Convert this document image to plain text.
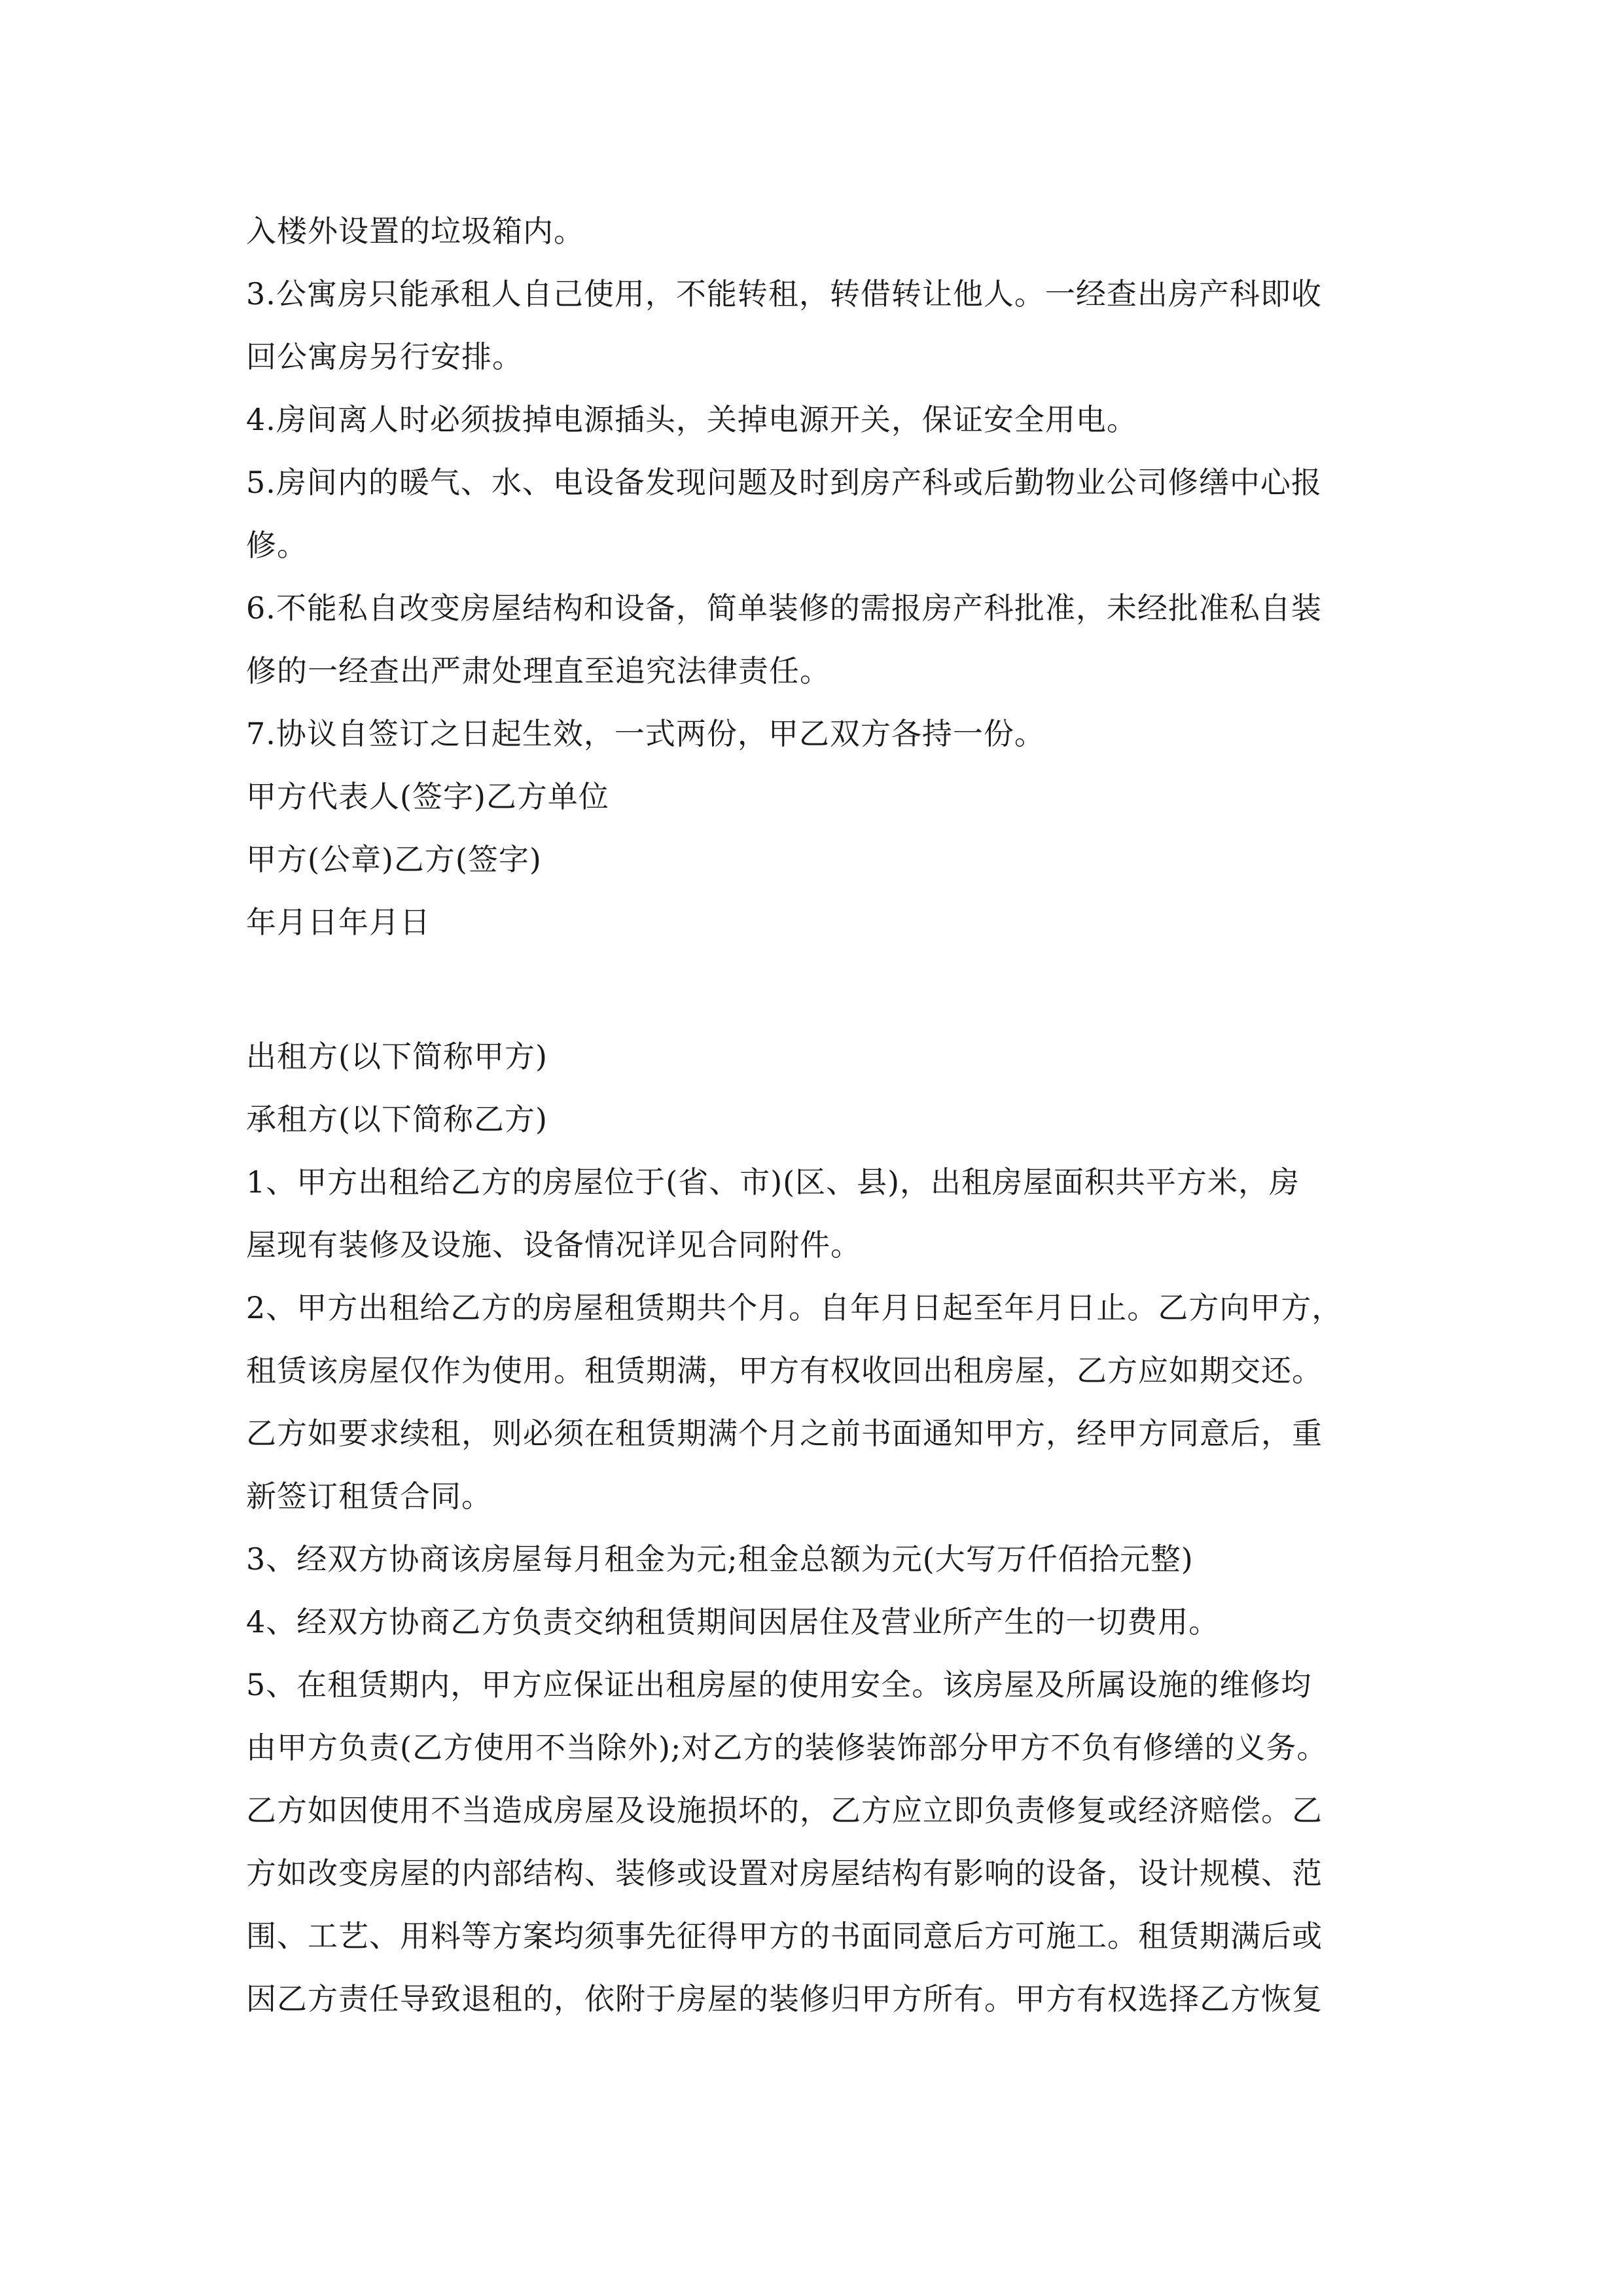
入楼外设置的垃圾箱内。
3.公寓房只能承租人自己使用，不能转租，转借转让他人。一经查出房产科即收
回公寓房另行安排。
4.房间离人时必须拔掉电源插头，关掉电源开关，保证安全用电。
5.房间内的暖气、水、电设备发现问题及时到房产科或后勤物业公司修缮中心报
修。
6.不能私自改变房屋结构和设备，简单装修的需报房产科批准，未经批准私自装
修的一经查出严肃处理直至追究法律责任。
7.协议自签订之日起生效，一式两份，甲乙双方各持一份。
甲方代表人(签字)乙方单位
甲方(公章)乙方(签字)
年月日年月日
出租方(以下简称甲方)
承租方(以下简称乙方)
1、甲方出租给乙方的房屋位于(省、市)(区、县)，出租房屋面积共平方米，房
屋现有装修及设施、设备情况详见合同附件。
2、甲方出租给乙方的房屋租赁期共个月。自年月日起至年月日止。乙方向甲方，
租赁该房屋仅作为使用。租赁期满，甲方有权收回出租房屋，乙方应如期交还。
乙方如要求续租，则必须在租赁期满个月之前书面通知甲方，经甲方同意后，重
新签订租赁合同。
3、经双方协商该房屋每月租金为元;租金总额为元(大写万仟佰拾元整)
4、经双方协商乙方负责交纳租赁期间因居住及营业所产生的一切费用。
5、在租赁期内，甲方应保证出租房屋的使用安全。该房屋及所属设施的维修均
由甲方负责(乙方使用不当除外);对乙方的装修装饰部分甲方不负有修缮的义务。
乙方如因使用不当造成房屋及设施损坏的，乙方应立即负责修复或经济赔偿。乙
方如改变房屋的内部结构、装修或设置对房屋结构有影响的设备，设计规模、范
围、工艺、用料等方案均须事先征得甲方的书面同意后方可施工。租赁期满后或
因乙方责任导致退租的，依附于房屋的装修归甲方所有。甲方有权选择乙方恢复
